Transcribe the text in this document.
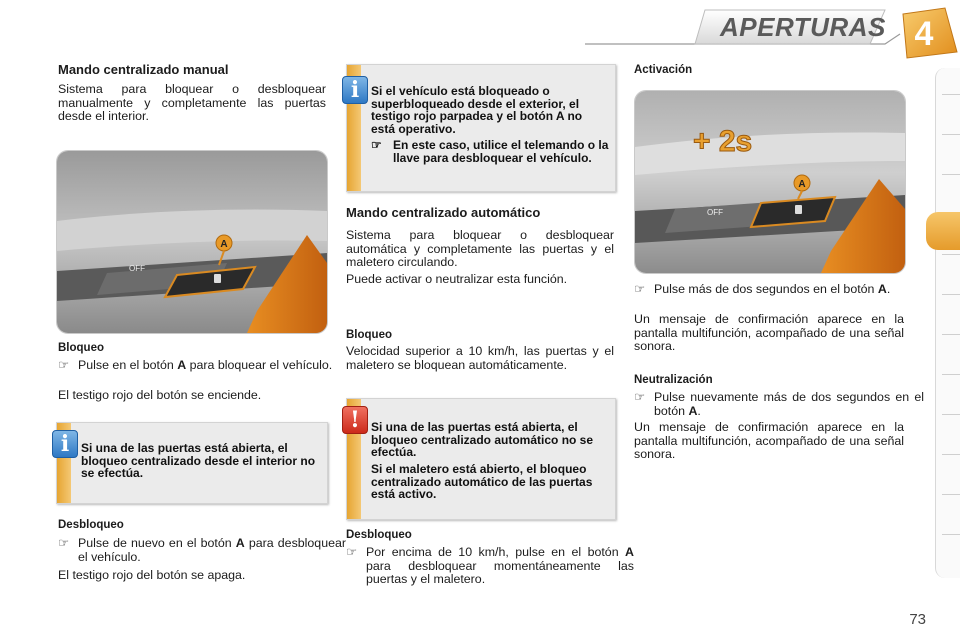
APERTURAS 4
Mando centralizado manual
Sistema para bloquear o desbloquear manualmente y completamente las puertas desde el interior.
OFF
A
Bloqueo
☞ Pulse en el botón A para bloquear el vehículo.
El testigo rojo del botón se enciende.
Si una de las puertas está abierta, el bloqueo centralizado desde el interior no se efectúa.
i
Desbloqueo
☞ Pulse de nuevo en el botón A para desbloquear el vehículo.
El testigo rojo del botón se apaga.
Si el vehículo está bloqueado o superbloqueado desde el exterior, el testigo rojo parpadea y el botón A no está operativo.
☞ En este caso, utilice el telemando o la llave para desbloquear el vehículo.
i
Mando centralizado automático
Sistema para bloquear o desbloquear automática y completamente las puertas y el maletero circulando.
Puede activar o neutralizar esta función.
Bloqueo
Velocidad superior a 10 km/h, las puertas y el maletero se bloquean automáticamente.
Si una de las puertas está abierta, el bloqueo centralizado automático no se efectúa.
Si el maletero está abierto, el bloqueo centralizado automático de las puertas está activo.
!
Desbloqueo
☞ Por encima de 10 km/h, pulse en el botón A para desbloquear momentáneamente las puertas y el maletero.
Activación
OFF
A
+ 2s
☞ Pulse más de dos segundos en el botón A.
Un mensaje de confirmación aparece en la pantalla multifunción, acompañado de una señal sonora.
Neutralización
☞ Pulse nuevamente más de dos segundos en el botón A.
Un mensaje de confirmación aparece en la pantalla multifunción, acompañado de una señal sonora.
73
